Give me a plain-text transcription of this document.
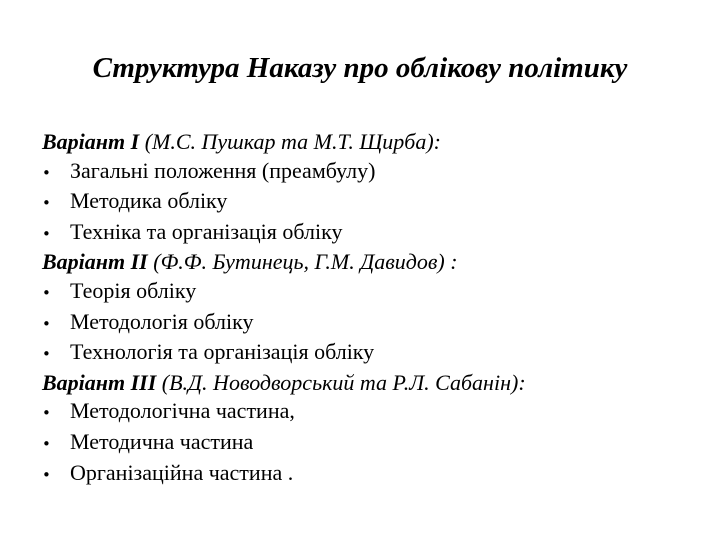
Структура Наказу про облікову політику
Варіант I (М.С. Пушкар та М.Т. Щирба):
• Загальні положення (преамбулу)
• Методика обліку
• Техніка та організація обліку
Варіант II (Ф.Ф. Бутинець, Г.М. Давидов) :
• Теорія обліку
• Методологія обліку
• Технологія та організація обліку
Варіант III (В.Д. Новодворський та Р.Л. Сабанін):
• Методологічна частина,
• Методична частина
• Організаційна частина .
